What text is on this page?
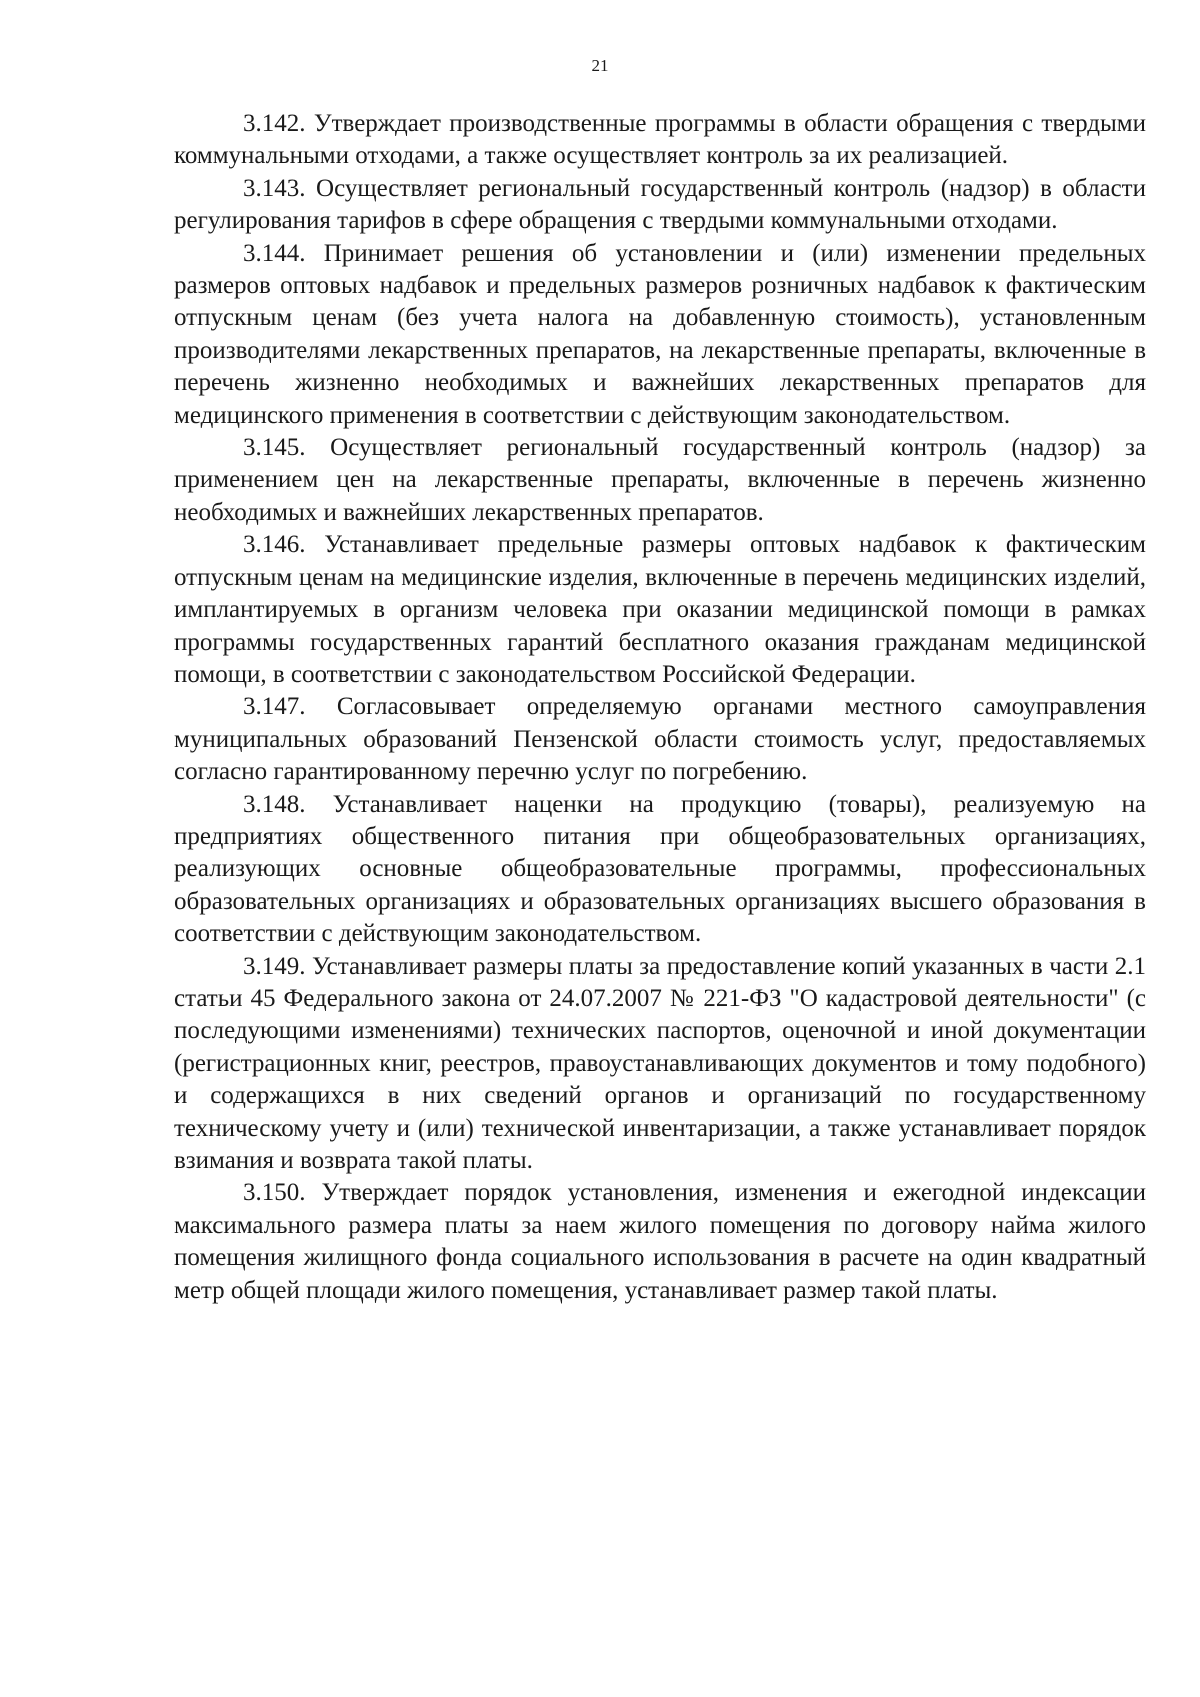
21

3.142. Утверждает производственные программы в области обращения с твердыми коммунальными отходами, а также осуществляет контроль за их реализацией.

3.143. Осуществляет региональный государственный контроль (надзор) в области регулирования тарифов в сфере обращения с твердыми коммунальными отходами.

3.144. Принимает решения об установлении и (или) изменении предельных размеров оптовых надбавок и предельных размеров розничных надбавок к фактическим отпускным ценам (без учета налога на добавленную стоимость), установленным производителями лекарственных препаратов, на лекарственные препараты, включенные в перечень жизненно необходимых и важнейших лекарственных препаратов для медицинского применения в соответствии с действующим законодательством.

3.145. Осуществляет региональный государственный контроль (надзор) за применением цен на лекарственные препараты, включенные в перечень жизненно необходимых и важнейших лекарственных препаратов.

3.146. Устанавливает предельные размеры оптовых надбавок к фактическим отпускным ценам на медицинские изделия, включенные в перечень медицинских изделий, имплантируемых в организм человека при оказании медицинской помощи в рамках программы государственных гарантий бесплатного оказания гражданам медицинской помощи, в соответствии с законодательством Российской Федерации.

3.147. Согласовывает определяемую органами местного самоуправления муниципальных образований Пензенской области стоимость услуг, предоставляемых согласно гарантированному перечню услуг по погребению.

3.148. Устанавливает наценки на продукцию (товары), реализуемую на предприятиях общественного питания при общеобразовательных организациях, реализующих основные общеобразовательные программы, профессиональных образовательных организациях и образовательных организациях высшего образования в соответствии с действующим законодательством.

3.149. Устанавливает размеры платы за предоставление копий указанных в части 2.1 статьи 45 Федерального закона от 24.07.2007 № 221-ФЗ "О кадастровой деятельности" (с последующими изменениями) технических паспортов, оценочной и иной документации (регистрационных книг, реестров, правоустанавливающих документов и тому подобного) и содержащихся в них сведений органов и организаций по государственному техническому учету и (или) технической инвентаризации, а также устанавливает порядок взимания и возврата такой платы.

3.150. Утверждает порядок установления, изменения и ежегодной индексации максимального размера платы за наем жилого помещения по договору найма жилого помещения жилищного фонда социального использования в расчете на один квадратный метр общей площади жилого помещения, устанавливает размер такой платы.
